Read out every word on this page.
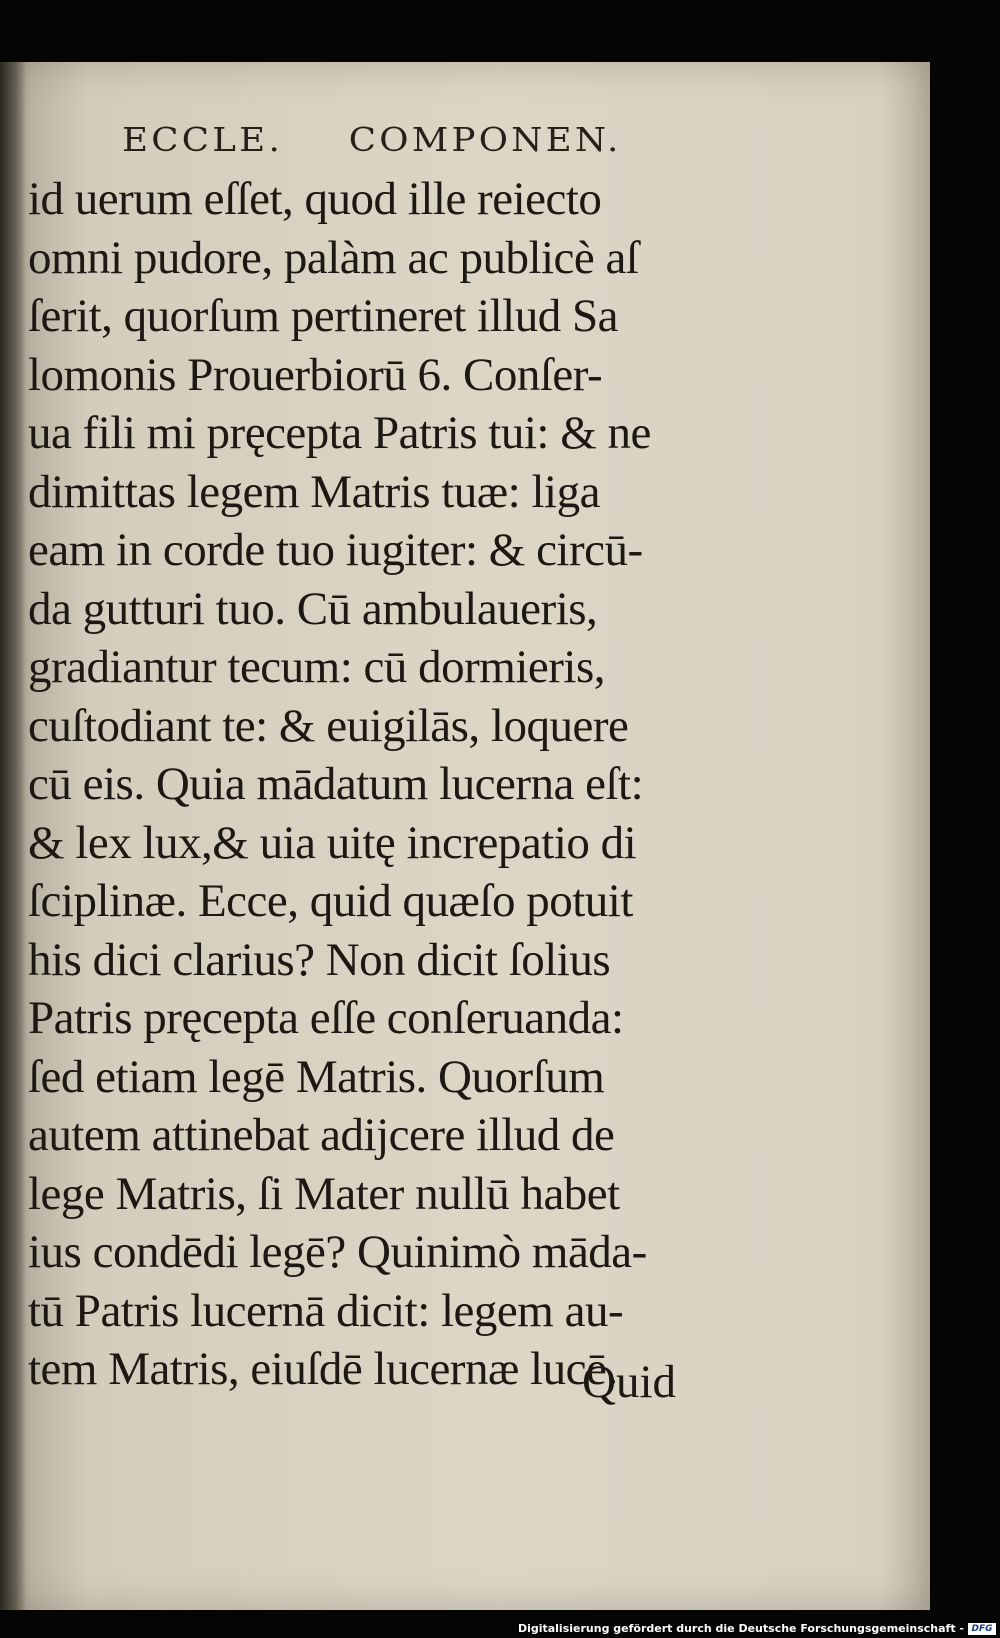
ECCLE. COMPONEN.
id uerum eſſet, quod ille reiecto
omni pudore, palàm ac publicè aſ
ſerit, quorſum pertineret illud Sa
lomonis Prouerbiorū 6. Conſer-
ua fili mi pręcepta Patris tui: & ne
dimittas legem Matris tuæ: liga
eam in corde tuo iugiter: & circū-
da gutturi tuo. Cū ambulaueris,
gradiantur tecum: cū dormieris,
cuſtodiant te: & euigilās, loquere
cū eis. Quia mādatum lucerna eſt:
& lex lux,& uia uitę increpatio di
ſciplinæ. Ecce, quid quæſo potuit
his dici clarius? Non dicit ſolius
Patris pręcepta eſſe conſeruanda:
ſed etiam legē Matris. Quorſum
autem attinebat adijcere illud de
lege Matris, ſi Mater nullū habet
ius condēdi legē? Quinimò māda-
tū Patris lucernā dicit: legem au-
tem Matris, eiuſdē lucernæ lucē.
Quid
Digitalisierung gefördert durch die Deutsche Forschungsgemeinschaft - DFG
